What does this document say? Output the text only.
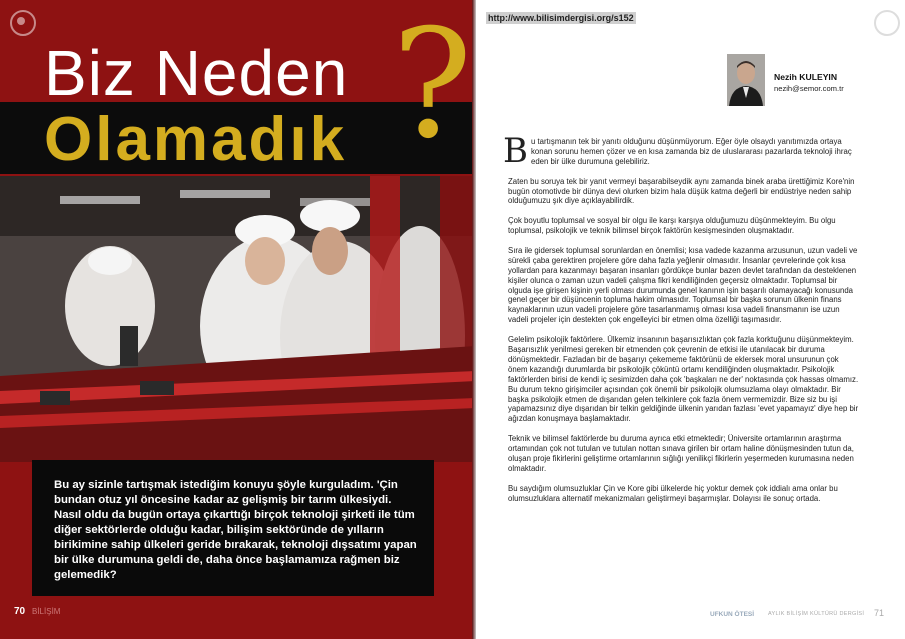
Biz Neden
Olamadık ?
Bu ay sizinle tartışmak istediğim konuyu şöyle kurguladım. 'Çin bundan otuz yıl öncesine kadar az gelişmiş bir tarım ülkesiydi. Nasıl oldu da bugün ortaya çıkarttığı birçok teknoloji şirketi ile tüm diğer sektörlerde olduğu kadar, bilişim sektöründe de yılların birikimine sahip ülkeleri geride bırakarak, teknoloji dışsatımı yapan bir ülke durumuna geldi de, daha önce başlamamıza rağmen biz gelemedik?
70 BİLİŞİM
http://www.bilisimdergisi.org/s152
Nezih KULEYIN
nezih@semor.com.tr

Bu tartışmanın tek bir yanıtı olduğunu düşünmüyorum. Eğer öyle olsaydı yanıtımızda ortaya konan sorunu hemen çözer ve en kısa zamanda biz de uluslararası pazarlarda teknoloji ihraç eden bir ülke durumuna gelebiliriz.

Zaten bu soruya tek bir yanıt vermeyi başarabilseydik aynı zamanda binek araba ürettiğimiz Kore'nin bugün otomotivde bir dünya devi olurken bizim hala düşük katma değerli bir endüstriye neden sahip olduğumuzu şık diye açıklayabilirdik.

Çok boyutlu toplumsal ve sosyal bir olgu ile karşı karşıya olduğumuzu düşünmekteyim. Bu olgu toplumsal, psikolojik ve teknik bilimsel birçok faktörün kesişmesinden oluşmaktadır.

Sıra ile gidersek toplumsal sorunlardan en önemlisi; kısa vadede kazanma arzusunun, uzun vadeli ve sürekli çaba gerektiren projelere göre daha fazla yeğlenir olmasıdır. İnsanlar çevrelerinde çok kısa yollardan para kazanmayı başaran insanları gördükçe bunlar bazen devlet tarafından da desteklenen kişiler olunca o zaman uzun vadeli çalışma fikri kendiliğinden geçersiz olmaktadır. Toplumsal bir olguda işe girişen kişinin yerli olması durumunda genel kanının işin başarılı olamayacağı konusunda genel geçer bir düşüncenin topluma hakim olmasıdır. Toplumsal bir başka sorunun ülkenin finans kaynaklarının uzun vadeli projelere göre tasarlanmamış olması kısa vadeli finansmanın ise uzun vadeli projeler için destekten çok engelleyici bir etmen olma özelliği taşımasıdır.

Gelelim psikolojik faktörlere. Ülkemiz insanının başarısızlıktan çok fazla korktuğunu düşünmekteyim. Başarısızlık yenilmesi gereken bir etmenden çok çevrenin de etkisi ile utanılacak bir duruma dönüşmektedir. Fazladan bir de başarıyı çekememe faktörünü de eklersek moral unsurunun çok önem kazandığı durumlarda bir psikolojik çöküntü ortamı kendiliğinden oluşmaktadır. Psikolojik faktörlerden birisi de kendi iç sesimizden daha çok 'başkaları ne der' noktasında çok hassas olmamız. Bu durum tekno girişimciler açısından çok önemli bir psikolojik olumsuzlama olayı olmaktadır. Bir başka psikolojik etmen de dışarıdan gelen telkinlere çok fazla önem vermemizdir. Bize siz bu işi yapamazsınız diye dışarıdan bir telkin geldiğinde ülkenin yarıdan fazlası 'evet yapamayız' diye hep bir ağızdan konuşmaya başlamaktadır.

Teknik ve bilimsel faktörlerde bu duruma ayrıca etki etmektedir; Üniversite ortamlarının araştırma ortamından çok not tutulan ve tutulan nottan sınava girilen bir ortam haline dönüşmesinden tutun da, oluşan proje fikirlerini geliştirme ortamlarının sığlığı yenilikçi fikirlerin yeşermeden kurumasına neden olmaktadır.

Bu saydığım olumsuzluklar Çin ve Kore gibi ülkelerde hiç yoktur demek çok iddialı ama onlar bu olumsuzluklara alternatif mekanizmaları geliştirmeyi başarmışlar. Dolayısı ile sonuç ortada.

UFKUN ÖTESİ	AYLIK BİLİŞİM KÜLTÜRÜ DERGİSİ 71
